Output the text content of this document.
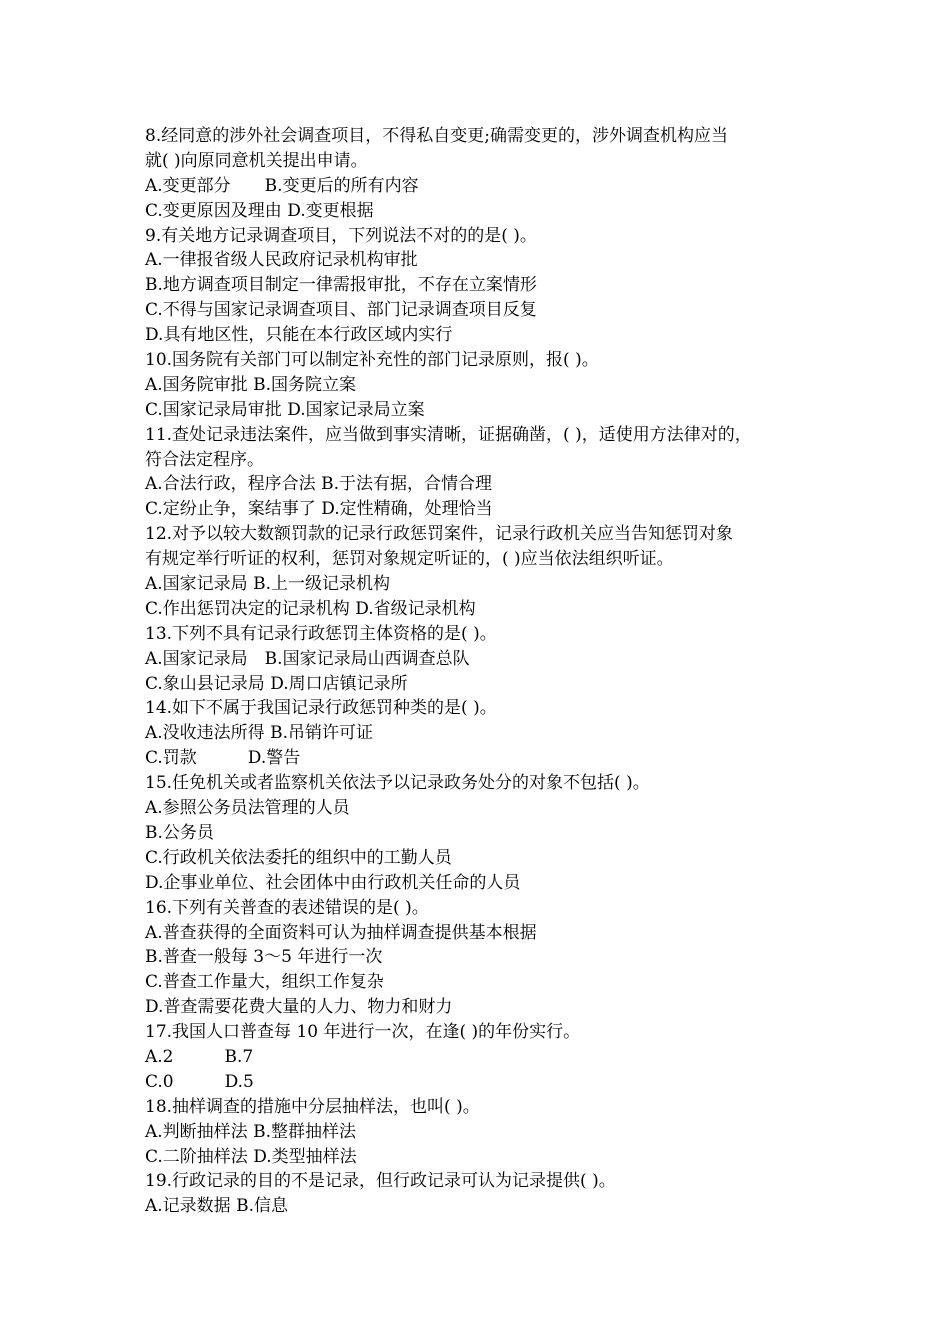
8.经同意的涉外社会调查项目，不得私自变更;确需变更的，涉外调查机构应当
就( )向原同意机关提出申请。
A.变更部分　　B.变更后的所有内容
C.变更原因及理由 D.变更根据
9.有关地方记录调查项目，下列说法不对的的是( )。
A.一律报省级人民政府记录机构审批
B.地方调查项目制定一律需报审批，不存在立案情形
C.不得与国家记录调查项目、部门记录调查项目反复
D.具有地区性，只能在本行政区域内实行
10.国务院有关部门可以制定补充性的部门记录原则，报( )。
A.国务院审批 B.国务院立案
C.国家记录局审批 D.国家记录局立案
11.查处记录违法案件，应当做到事实清晰，证据确凿，( )，适使用方法律对的，
符合法定程序。
A.合法行政，程序合法 B.于法有据，合情合理
C.定纷止争，案结事了 D.定性精确，处理恰当
12.对予以较大数额罚款的记录行政惩罚案件，记录行政机关应当告知惩罚对象
有规定举行听证的权利，惩罚对象规定听证的，( )应当依法组织听证。
A.国家记录局 B.上一级记录机构
C.作出惩罚决定的记录机构 D.省级记录机构
13.下列不具有记录行政惩罚主体资格的是( )。
A.国家记录局　B.国家记录局山西调查总队
C.象山县记录局 D.周口店镇记录所
14.如下不属于我国记录行政惩罚种类的是( )。
A.没收违法所得 B.吊销许可证
C.罚款　　　D.警告
15.任免机关或者监察机关依法予以记录政务处分的对象不包括( )。
A.参照公务员法管理的人员
B.公务员
C.行政机关依法委托的组织中的工勤人员
D.企事业单位、社会团体中由行政机关任命的人员
16.下列有关普查的表述错误的是( )。
A.普查获得的全面资料可认为抽样调查提供基本根据
B.普查一般每 3～5 年进行一次
C.普查工作量大，组织工作复杂
D.普查需要花费大量的人力、物力和财力
17.我国人口普查每 10 年进行一次，在逢( )的年份实行。
A.2　　　B.7
C.0　　　D.5
18.抽样调查的措施中分层抽样法，也叫( )。
A.判断抽样法 B.整群抽样法
C.二阶抽样法 D.类型抽样法
19.行政记录的目的不是记录，但行政记录可认为记录提供( )。
A.记录数据 B.信息
